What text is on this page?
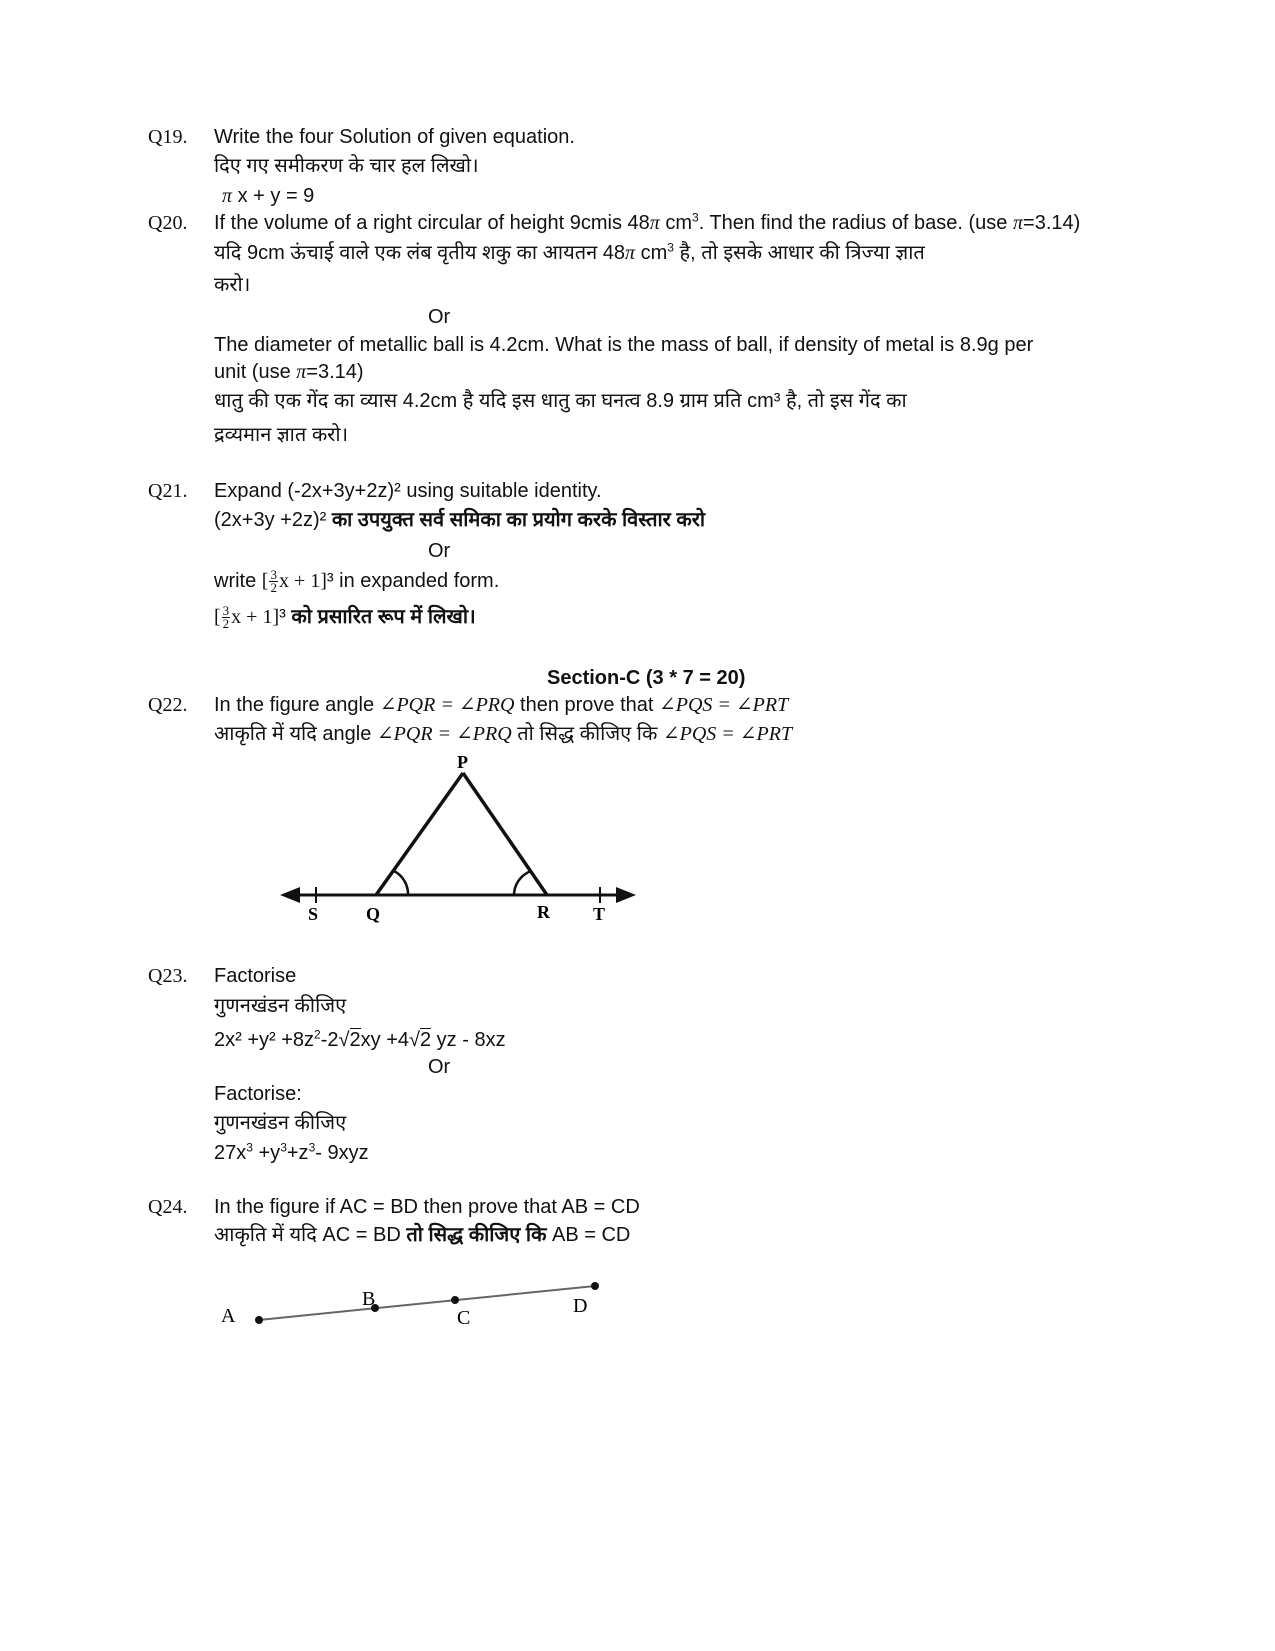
Q19. Write the four Solution of given equation.
दिए गए समीकरण के चार हल लिखो।
π x + y = 9
Q20. If the volume of a right circular of height 9cmis 48π $cm^3$. Then find the radius of base. (use π=3.14)
यदि 9cm ऊंचाई वाले एक लंब वृतीय शकु का आयतन 48π $cm^3$ है, तो इसके आधार की त्रिज्या ज्ञात
करो।
Or
The diameter of metallic ball is 4.2cm. What is the mass of ball, if density of metal is 8.9g per
unit (use π=3.14)
धातु की एक गेंद का व्यास 4.2cm है यदि इस धातु का घनत्व 8.9 ग्राम प्रति cm³ है, तो इस गेंद का
द्रव्यमान ज्ञात करो।
Q21. Expand (-2x+3y+2z)² using suitable identity.
(2x+3y +2z)² का उपयुक्त सर्व समिका का प्रयोग करके विस्तार करो
Or
write [ $\frac{3}{2}$ x + 1]³ in expanded form.
[ $\frac{3}{2}$ x + 1]³ को प्रसारित रूप में लिखो।
Section-C (3 * 7 = 20)
Q22. In the figure angle ∠PQR = ∠PRQ then prove that ∠PQS = ∠PRT
आकृति में यदि angle ∠PQR = ∠PRQ तो सिद्ध कीजिए कि ∠PQS = ∠PRT
P
S	Q	R T
Q23. Factorise
गुणनखंडन कीजिए
$2x^2 +y^2 +8z^2-2√2xy +4√2$ yz - 8xz
Or
Factorise:
गुणनखंडन कीजिए
$27x^3 +y^3+z^3-$ 9xyz
Q24. In the figure if AC = BD then prove that AB = CD
आकृति में यदि AC = BD तो सिद्ध कीजिए कि AB = CD
A
B
C
D
